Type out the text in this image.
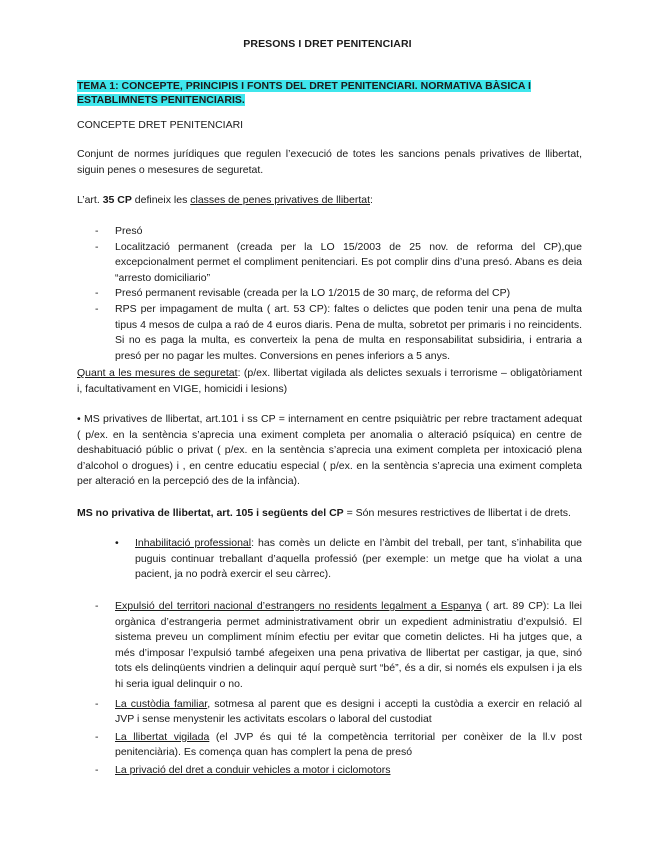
PRESONS I DRET PENITENCIARI
TEMA 1: CONCEPTE, PRINCIPIS I FONTS DEL DRET PENITENCIARI. NORMATIVA BÀSICA I ESTABLIMNETS PENITENCIARIS.

CONCEPTE DRET PENITENCIARI

Conjunt de normes jurídiques que regulen l’execució de totes les sancions penals privatives de llibertat, siguin penes o mesesures de seguretat.

L’art. 35 CP defineix les classes de penes privatives de llibertat:

- Presó
- Localització permanent (creada per la LO 15/2003 de 25 nov. de reforma del CP),que excepcionalment permet el compliment penitenciari. Es pot complir dins d’una presó. Abans es deia “arresto domiciliario”
- Presó permanent revisable (creada per la LO 1/2015 de 30 març, de reforma del CP)
- RPS per impagament de multa ( art. 53 CP): faltes o delictes que poden tenir una pena de multa tipus 4 mesos de culpa a raó de 4 euros diaris. Pena de multa, sobretot per primaris i no reincidents. Si no es paga la multa, es converteix la pena de multa en responsabilitat subsidiria, i entraria a presó per no pagar les multes. Conversions en penes inferiors a 5 anys.

Quant a les mesures de seguretat: (p/ex. llibertat vigilada als delictes sexuals i terrorisme – obligatòriament i, facultativament en VIGE, homicidi i lesions)

• MS privatives de llibertat, art.101 i ss CP = internament en centre psiquiàtric per rebre tractament adequat ( p/ex. en la sentència s’aprecia una eximent completa per anomalia o alteració psíquica) en centre de deshabituació públic o privat ( p/ex. en la sentència s’aprecia una eximent completa per intoxicació plena d’alcohol o drogues) i , en centre educatiu especial ( p/ex. en la sentència s’aprecia una eximent completa per alteració en la percepció des de la infància).

MS no privativa de llibertat, art. 105 i següents del CP = Són mesures restrictives de llibertat i de drets.

• Inhabilitació professional: has comès un delicte en l’àmbit del treball, per tant, s’inhabilita que puguis continuar treballant d’aquella professió (per exemple: un metge que ha violat a una pacient, ja no podrà exercir el seu càrrec).
- Expulsió del territori nacional d’estrangers no residents legalment a Espanya ( art. 89 CP): La llei orgànica d’estrangeria permet administrativament obrir un expedient administratiu d’expulsió. El sistema preveu un compliment mínim efectiu per evitar que cometin delictes. Hi ha jutges que, a més d’imposar l’expulsió també afegeixen una pena privativa de llibertat per castigar, ja que, sinó tots els delinqüents vindrien a delinquir aquí perquè surt “bé”, és a dir, si només els expulsen i ja els hi seria igual delinquir o no.
- La custòdia familiar, sotmesa al parent que es designi i accepti la custòdia a exercir en relació al JVP i sense menystenir les activitats escolars o laboral del custodiat
- La llibertat vigilada (el JVP és qui té la competència territorial per conèixer de la ll.v post penitenciària). Es comença quan has complert la pena de presó
- La privació del dret a conduir vehicles a motor i ciclomotors
